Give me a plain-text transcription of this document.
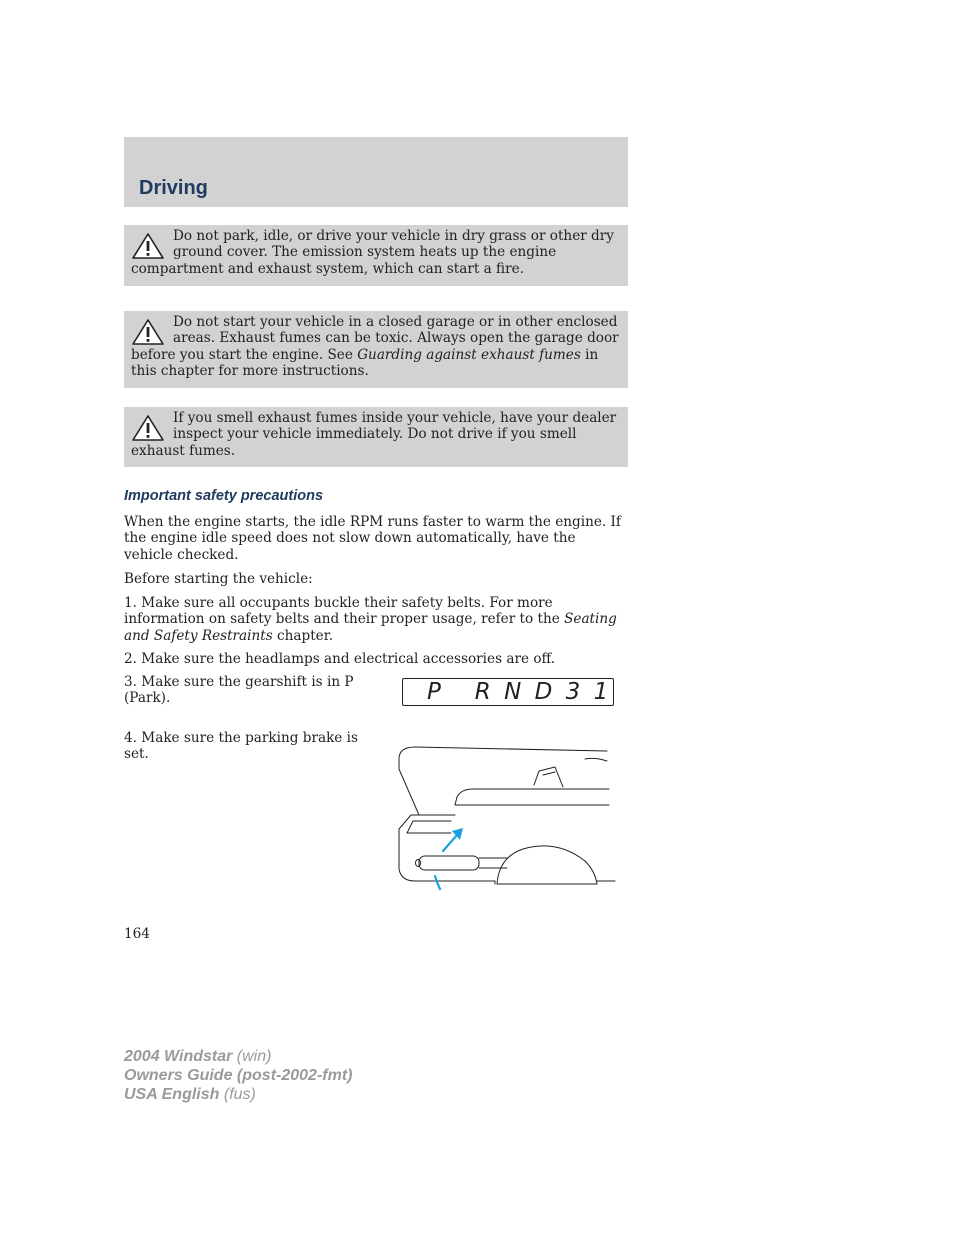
Driving

Do not park, idle, or drive your vehicle in dry grass or other dry ground cover. The emission system heats up the engine compartment and exhaust system, which can start a fire.

Do not start your vehicle in a closed garage or in other enclosed areas. Exhaust fumes can be toxic. Always open the garage door before you start the engine. See Guarding against exhaust fumes in this chapter for more instructions.

If you smell exhaust fumes inside your vehicle, have your dealer inspect your vehicle immediately. Do not drive if you smell exhaust fumes.

Important safety precautions

When the engine starts, the idle RPM runs faster to warm the engine. If the engine idle speed does not slow down automatically, have the vehicle checked.

Before starting the vehicle:

1. Make sure all occupants buckle their safety belts. For more information on safety belts and their proper usage, refer to the Seating and Safety Restraints chapter.

2. Make sure the headlamps and electrical accessories are off.

3. Make sure the gearshift is in P (Park).

4. Make sure the parking brake is set.

P   R N D 3 1

164

2004 Windstar (win)
Owners Guide (post-2002-fmt)
USA English (fus)
